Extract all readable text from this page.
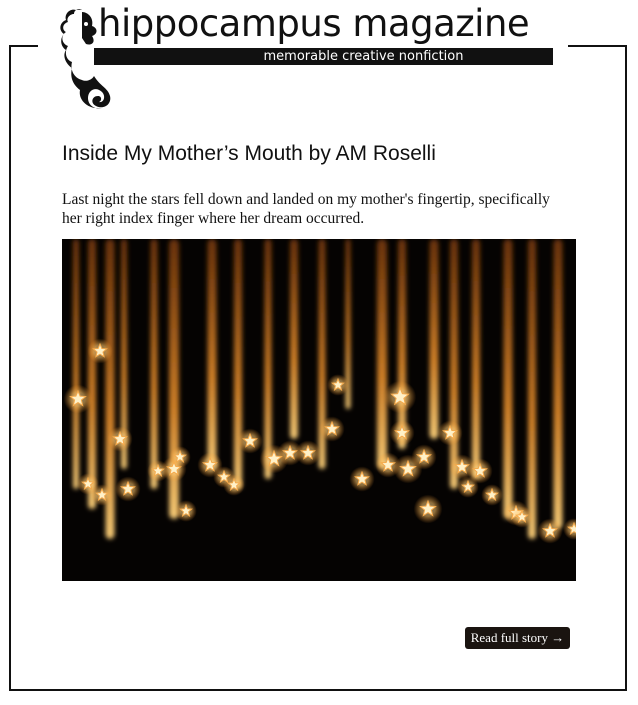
hippocampus magazine
memorable creative nonfiction
Inside My Mother’s Mouth by AM Roselli
Last night the stars fell down and landed on my mother's fingertip, specifically her right index finger where her dream occurred.
Read full story →
